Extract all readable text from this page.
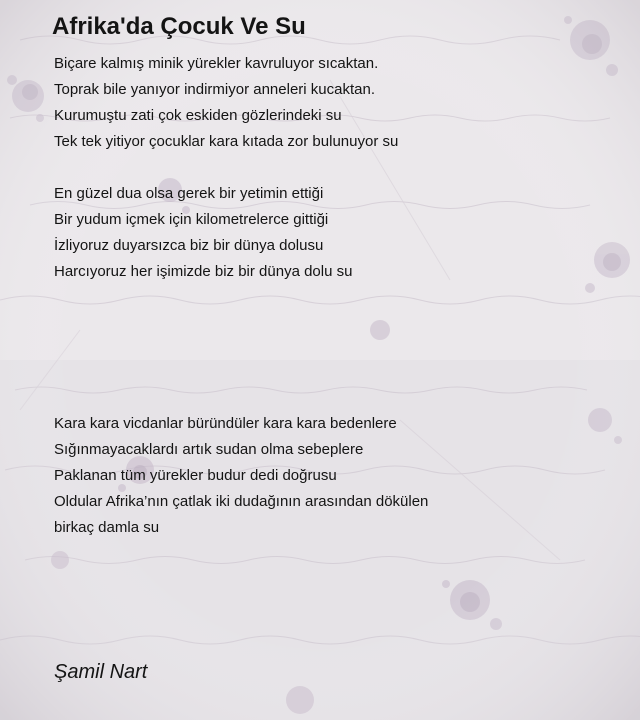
Afrika'da Çocuk Ve Su
Biçare kalmış minik yürekler kavruluyor sıcaktan.
Toprak bile yanıyor indirmiyor anneleri kucaktan.
Kurumuştu zati çok eskiden gözlerindeki su
Tek tek yitiyor çocuklar kara kıtada zor bulunuyor su
En güzel dua olsa gerek bir yetimin ettiği
Bir yudum içmek için kilometrelerce gittiği
İzliyoruz duyarsızca biz bir dünya dolusu
Harcıyoruz her işimizde biz bir dünya dolu su
Kara kara vicdanlar büründüler kara kara bedenlere
Sığınmayacaklardı artık sudan olma sebeplere
Paklanan tüm yürekler budur dedi doğrusu
Oldular Afrika’nın çatlak iki dudağının arasından dökülen
birkaç damla su
Şamil Nart
